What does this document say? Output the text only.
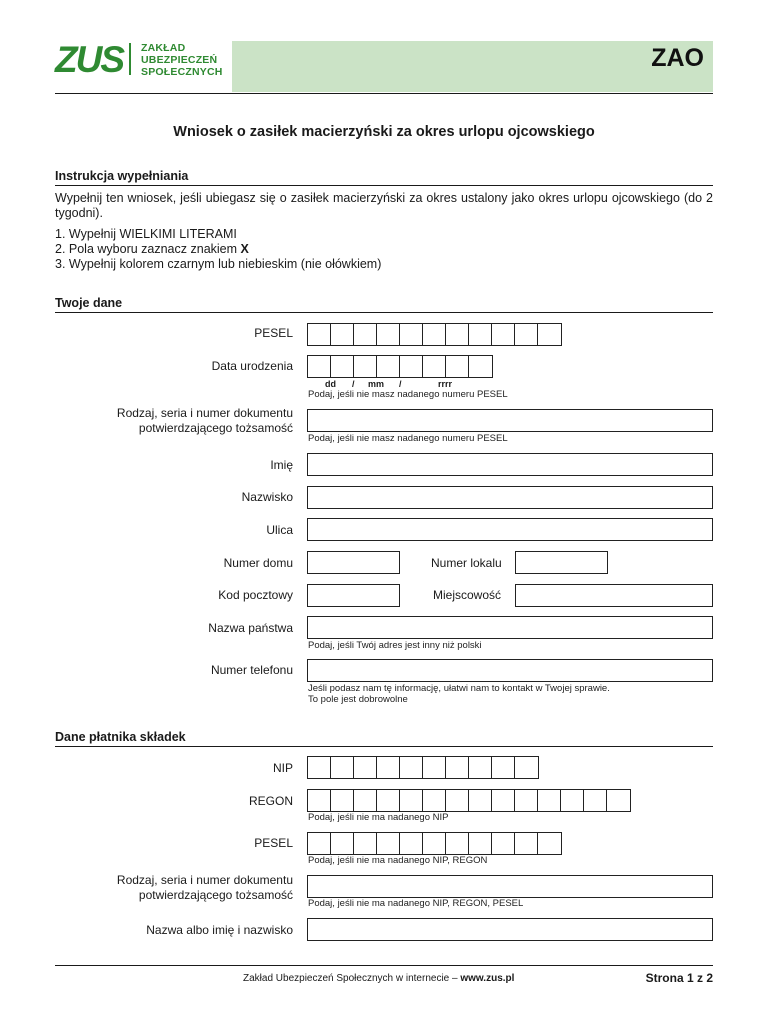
ZUS ZAKŁAD
UBEZPIECZEŃ
SPOŁECZNYCH	ZAO
Wniosek o zasiłek macierzyński za okres urlopu ojcowskiego
Instrukcja wypełniania
Wypełnij ten wniosek, jeśli ubiegasz się o zasiłek macierzyński za okres ustalony jako okres urlopu ojcowskiego (do 2 tygodni).
1. Wypełnij WIELKIMI LITERAMI
2. Pola wyboru zaznacz znakiem X
3. Wypełnij kolorem czarnym lub niebieskim (nie ołówkiem)
Twoje dane
PESEL
Data urodzenia
dd / mm /	rrrr
Podaj, jeśli nie masz nadanego numeru PESEL
Rodzaj, seria i numer dokumentu
potwierdzającego tożsamość
Podaj, jeśli nie masz nadanego numeru PESEL
Imię
Nazwisko
Ulica
Numer domu	Numer lokalu
Kod pocztowy	Miejscowość
Nazwa państwa
Podaj, jeśli Twój adres jest inny niż polski
Numer telefonu
Jeśli podasz nam tę informację, ułatwi nam to kontakt w Twojej sprawie.
To pole jest dobrowolne
Dane płatnika składek
NIP
REGON
Podaj, jeśli nie ma nadanego NIP
PESEL
Podaj, jeśli nie ma nadanego NIP, REGON
Rodzaj, seria i numer dokumentu
potwierdzającego tożsamość
Podaj, jeśli nie ma nadanego NIP, REGON, PESEL
Nazwa albo imię i nazwisko
Zakład Ubezpieczeń Społecznych w internecie – www.zus.pl	Strona 1 z 2
